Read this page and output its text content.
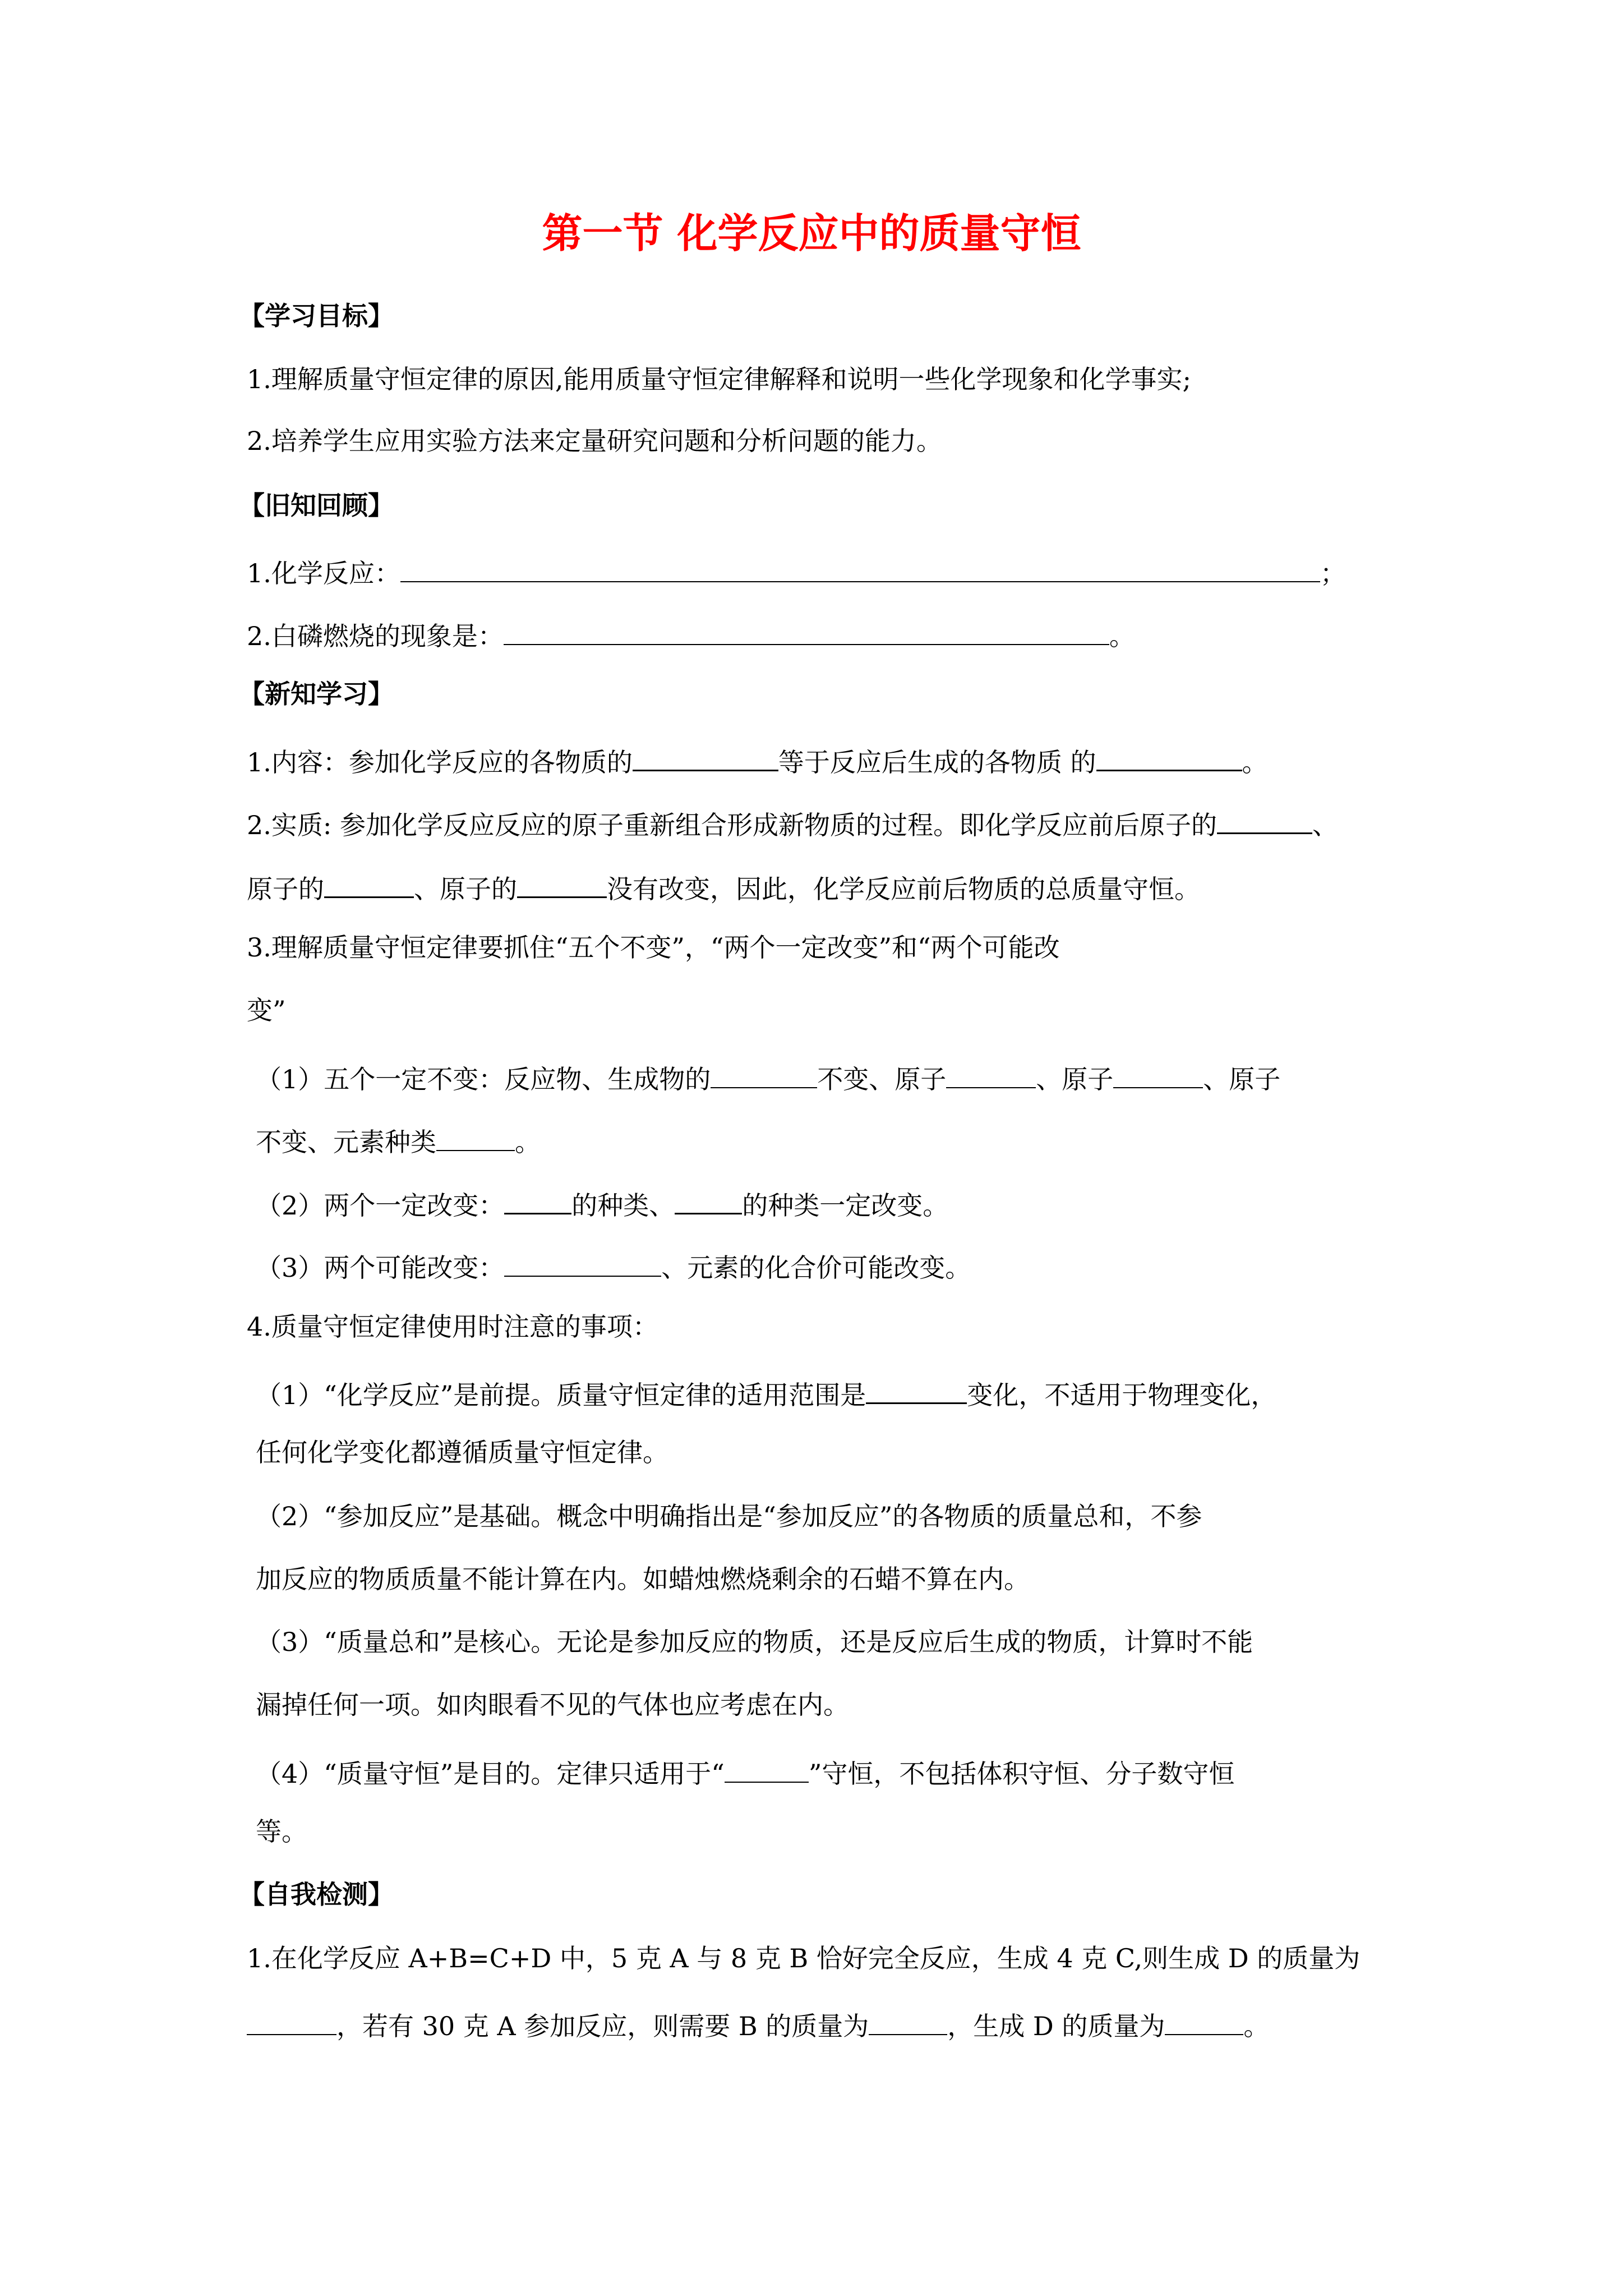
第一节 化学反应中的质量守恒
【学习目标】
1.理解质量守恒定律的原因,能用质量守恒定律解释和说明一些化学现象和化学事实;
2.培养学生应用实验方法来定量研究问题和分析问题的能力。
【旧知回顾】
1.化学反应：	；
2.白磷燃烧的现象是：	。
【新知学习】
1.内容：参加化学反应的各物质的	等于反应后生成的各物质 的	。
2.实质: 参加化学反应反应的原子重新组合形成新物质的过程。即化学反应前后原子的	、
原子的	、原子的	没有改变，因此，化学反应前后物质的总质量守恒。
3.理解质量守恒定律要抓住“五个不变”，“两个一定改变”和“两个可能改
变”
（1）五个一定不变：反应物、生成物的	不变、原子	、原子	、原子
不变、元素种类	。
（2）两个一定改变：	的种类、	的种类一定改变。
（3）两个可能改变：	、元素的化合价可能改变。
4.质量守恒定律使用时注意的事项：
（1）“化学反应”是前提。质量守恒定律的适用范围是	变化，不适用于物理变化，
任何化学变化都遵循质量守恒定律。
（2）“参加反应”是基础。概念中明确指出是“参加反应”的各物质的质量总和，不参
加反应的物质质量不能计算在内。如蜡烛燃烧剩余的石蜡不算在内。
（3）“质量总和”是核心。无论是参加反应的物质，还是反应后生成的物质，计算时不能
漏掉任何一项。如肉眼看不见的气体也应考虑在内。
（4）“质量守恒”是目的。定律只适用于“	”守恒，不包括体积守恒、分子数守恒
等。
【自我检测】
1.在化学反应 A+B=C+D 中，5 克 A 与 8 克 B 恰好完全反应，生成 4 克 C,则生成 D 的质量为
，若有 30 克 A 参加反应，则需要 B 的质量为	，生成 D 的质量为	。
